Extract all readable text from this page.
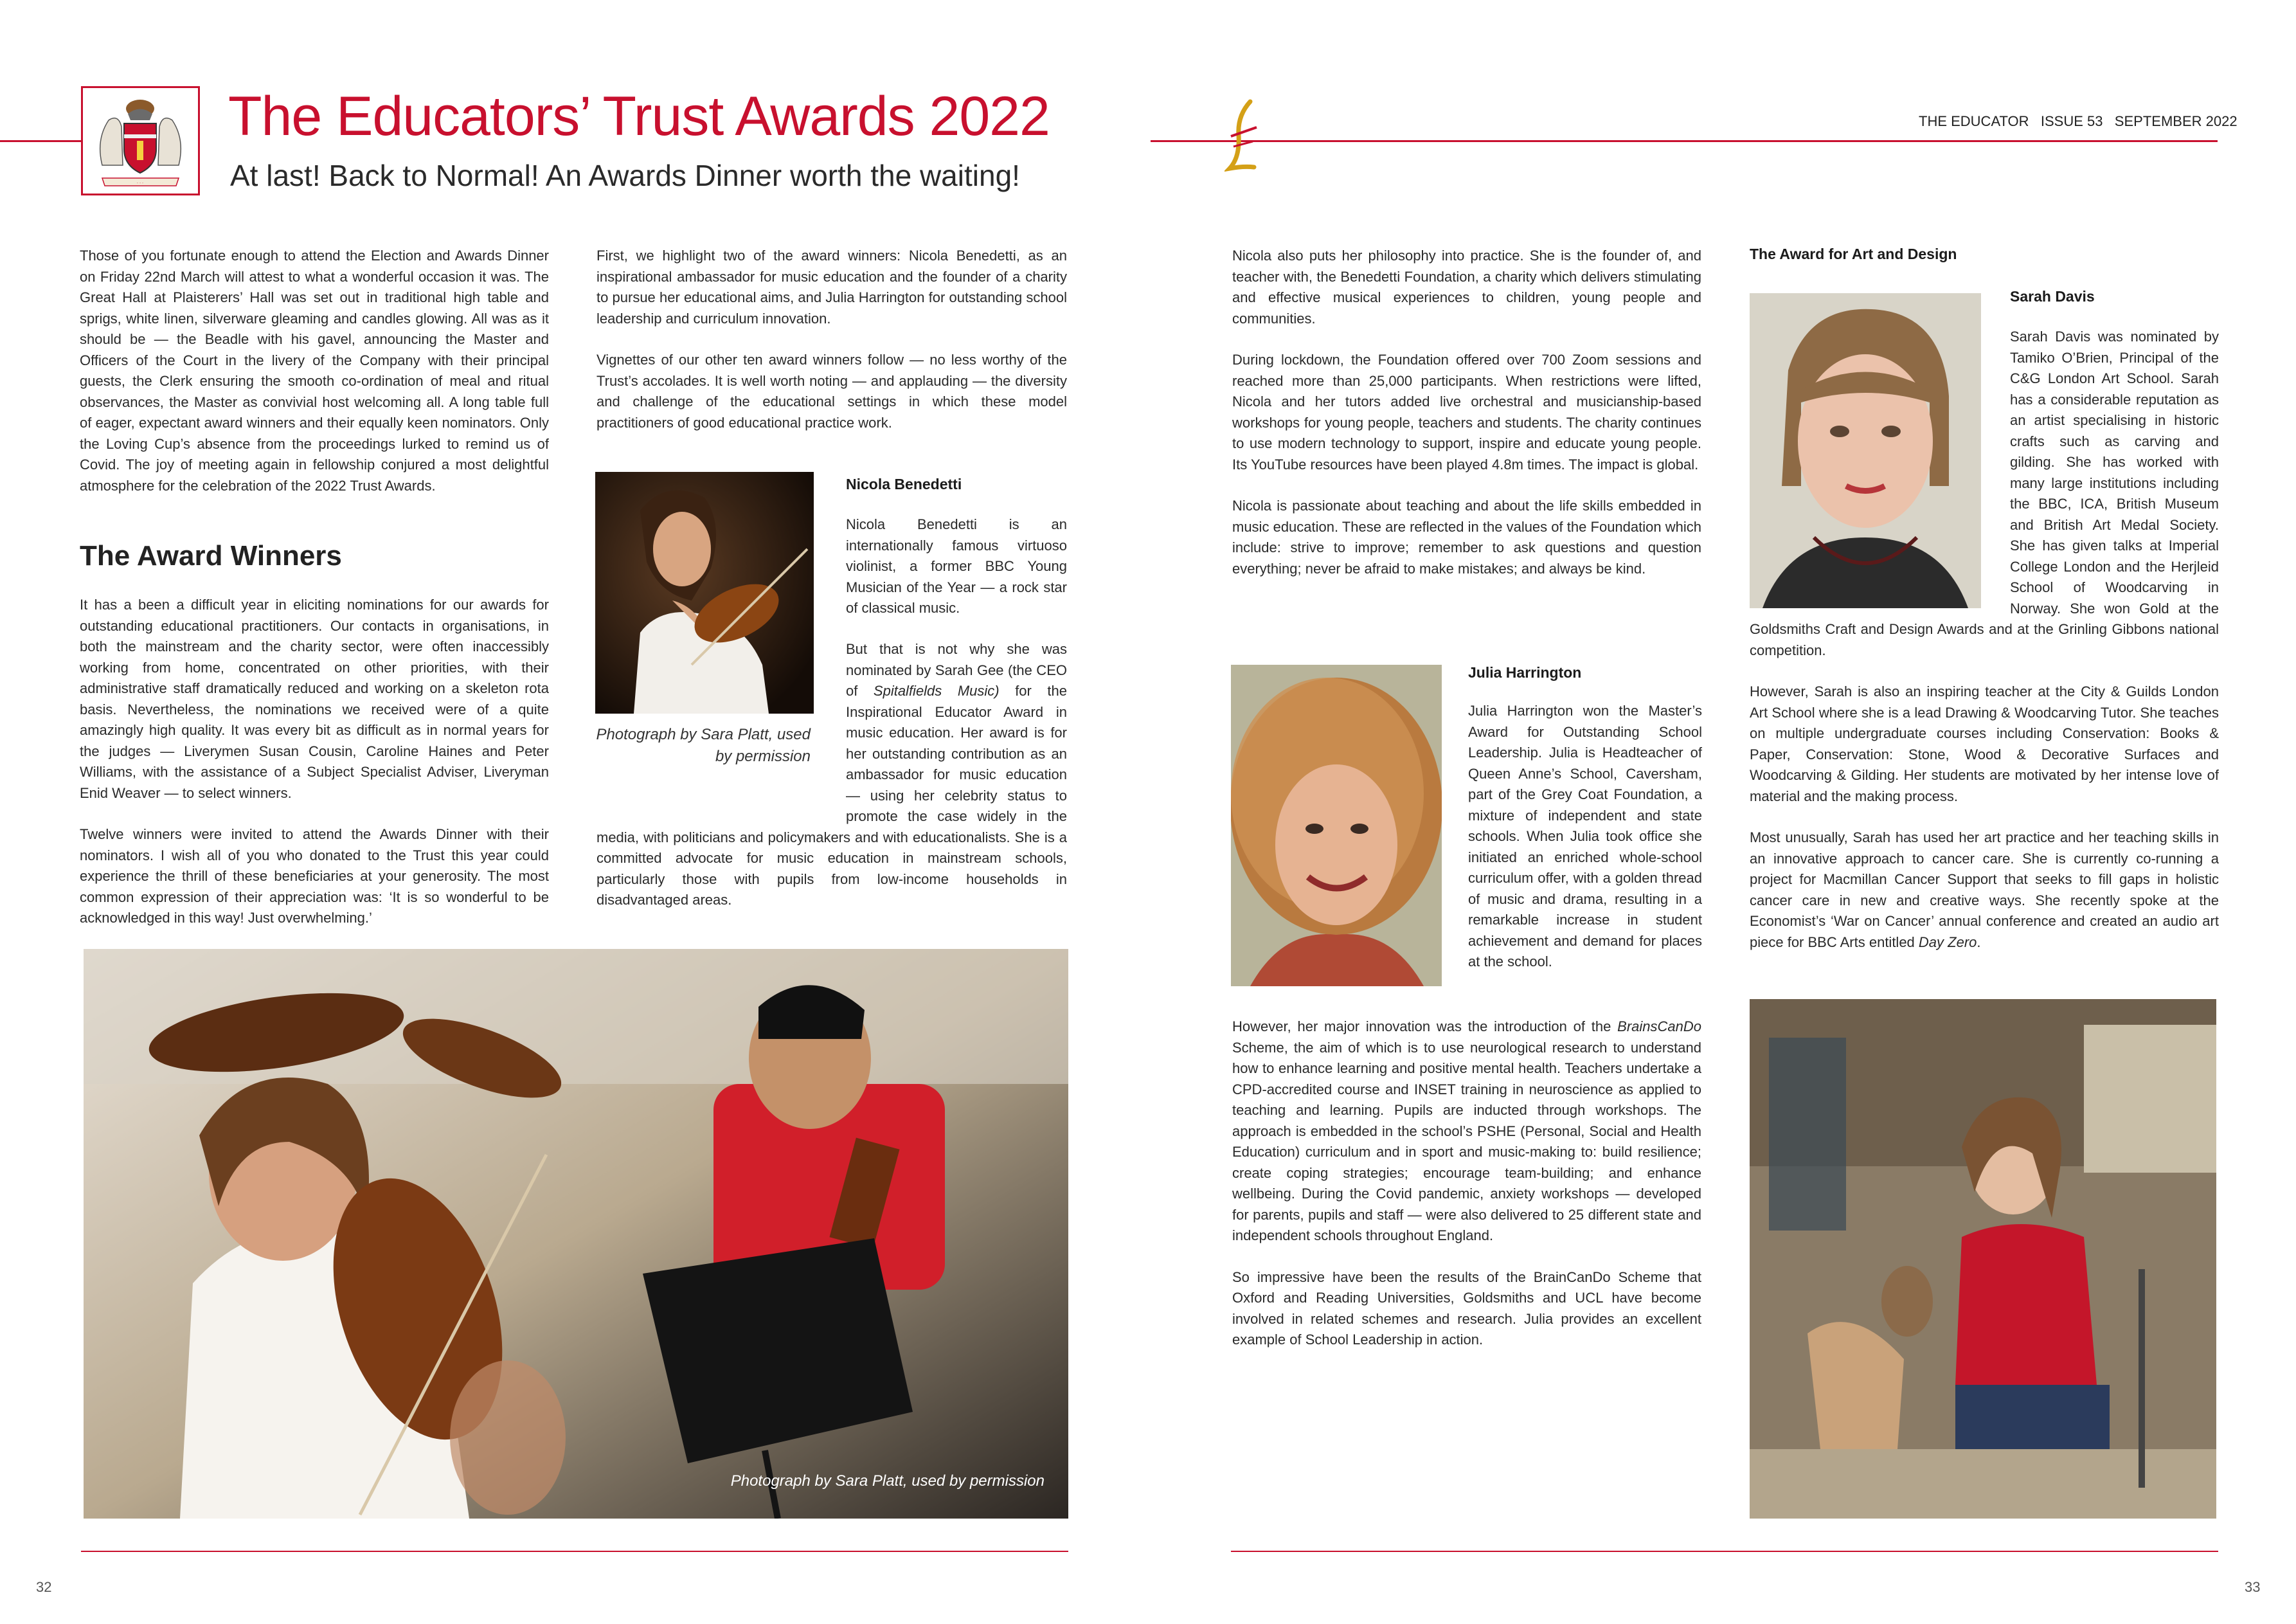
· · ·
The Educators’ Trust Awards 2022
At last! Back to Normal! An Awards Dinner worth the waiting!
THE EDUCATOR   ISSUE 53   SEPTEMBER 2022

Those of you fortunate enough to attend the Election and Awards Dinner on Friday 22nd March will attest to what a wonderful occasion it was. The Great Hall at Plaisterers’ Hall was set out in traditional high table and sprigs, white linen, silverware gleaming and candles glowing. All was as it should be — the Beadle with his gavel, announcing the Master and Officers of the Court in the livery of the Company with their principal guests, the Clerk ensuring the smooth co-ordination of meal and ritual observances, the Master as convivial host welcoming all. A long table full of eager, expectant award winners and their equally keen nominators. Only the Loving Cup’s absence from the proceedings lurked to remind us of Covid. The joy of meeting again in fellowship conjured a most delightful atmosphere for the celebration of the 2022 Trust Awards.

The Award Winners

It has a been a difficult year in eliciting nominations for our awards for outstanding educational practitioners. Our contacts in organisations, in both the mainstream and the charity sector, were often inaccessibly working from home, concentrated on other priorities, with their administrative staff dramatically reduced and working on a skeleton rota basis. Nevertheless, the nominations we received were of a quite amazingly high quality. It was every bit as difficult as in normal years for the judges — Liverymen Susan Cousin, Caroline Haines and Peter Williams, with the assistance of a Subject Specialist Adviser, Liveryman Enid Weaver — to select winners.

Twelve winners were invited to attend the Awards Dinner with their nominators. I wish all of you who donated to the Trust this year could experience the thrill of these beneficiaries at your generosity. The most common expression of their appreciation was: ‘It is so wonderful to be acknowledged in this way! Just overwhelming.’

First, we highlight two of the award winners: Nicola Benedetti, as an inspirational ambassador for music education and the founder of a charity to pursue her educational aims, and Julia Harrington for outstanding school leadership and curriculum innovation.

Vignettes of our other ten award winners follow — no less worthy of the Trust’s accolades. It is well worth noting — and applauding — the diversity and challenge of the educational settings in which these model practitioners of good educational practice work.

Photograph by Sara Platt, used by permission
Nicola Benedetti

Nicola Benedetti is an internationally famous virtuoso violinist, a former BBC Young Musician of the Year — a rock star of classical music.

But that is not why she was nominated by Sarah Gee (the CEO of Spitalfields Music) for the Inspirational Educator Award in music education. Her award is for her outstanding contribution as an ambassador for music education — using her celebrity status to promote the case widely in the media, with politicians and policymakers and with educationalists. She is a committed advocate for music education in mainstream schools, particularly those with pupils from low-income households in disadvantaged areas.
Photograph by Sara Platt, used by permission
32

Nicola also puts her philosophy into practice. She is the founder of, and teacher with, the Benedetti Foundation, a charity which delivers stimulating and effective musical experiences to children, young people and communities.

During lockdown, the Foundation offered over 700 Zoom sessions and reached more than 25,000 participants. When restrictions were lifted, Nicola and her tutors added live orchestral and musicianship-based workshops for young people, teachers and students. The charity continues to use modern technology to support, inspire and educate young people. Its YouTube resources have been played 4.8m times. The impact is global.

Nicola is passionate about teaching and about the life skills embedded in music education. These are reflected in the values of the Foundation which include: strive to improve; remember to ask questions and question everything; never be afraid to make mistakes; and always be kind.

Julia Harrington

Julia Harrington won the Master’s Award for Outstanding School Leadership. Julia is Headteacher of Queen Anne’s School, Caversham, part of the Grey Coat Foundation, a mixture of independent and state schools. When Julia took office she initiated an enriched whole-school curriculum offer, with a golden thread of music and drama, resulting in a remarkable increase in student achievement and demand for places at the school.

However, her major innovation was the introduction of the BrainsCanDo Scheme, the aim of which is to use neurological research to understand how to enhance learning and positive mental health. Teachers undertake a CPD-accredited course and INSET training in neuroscience as applied to teaching and learning. Pupils are inducted through workshops. The approach is embedded in the school’s PSHE (Personal, Social and Health Education) curriculum and in sport and music-making to: build resilience; create coping strategies; encourage team-building; and enhance wellbeing. During the Covid pandemic, anxiety workshops — developed for parents, pupils and staff — were also delivered to 25 different state and independent schools throughout England.

So impressive have been the results of the BrainCanDo Scheme that Oxford and Reading Universities, Goldsmiths and UCL have become involved in related schemes and research. Julia provides an excellent example of School Leadership in action.

The Award for Art and Design
Sarah Davis

Sarah Davis was nominated by Tamiko O’Brien, Principal of the C&G London Art School. Sarah has a considerable reputation as an artist specialising in historic crafts such as carving and gilding. She has worked with many large institutions including the BBC, ICA, British Museum and British Art Medal Society. She has given talks at Imperial College London and the Herjleid School of Woodcarving in Norway. She won Gold at the Goldsmiths Craft and Design Awards and at the Grinling Gibbons national competition.

However, Sarah is also an inspiring teacher at the City & Guilds London Art School where she is a lead Drawing & Woodcarving Tutor. She teaches on multiple undergraduate courses including Conservation: Books & Paper, Conservation: Stone, Wood & Decorative Surfaces and Woodcarving & Gilding. Her students are motivated by her intense love of material and the making process.

Most unusually, Sarah has used her art practice and her teaching skills in an innovative approach to cancer care. She is currently co-running a project for Macmillan Cancer Support that seeks to fill gaps in holistic cancer care in new and creative ways. She recently spoke at the Economist’s ‘War on Cancer’ annual conference and created an audio art piece for BBC Arts entitled Day Zero.

33
